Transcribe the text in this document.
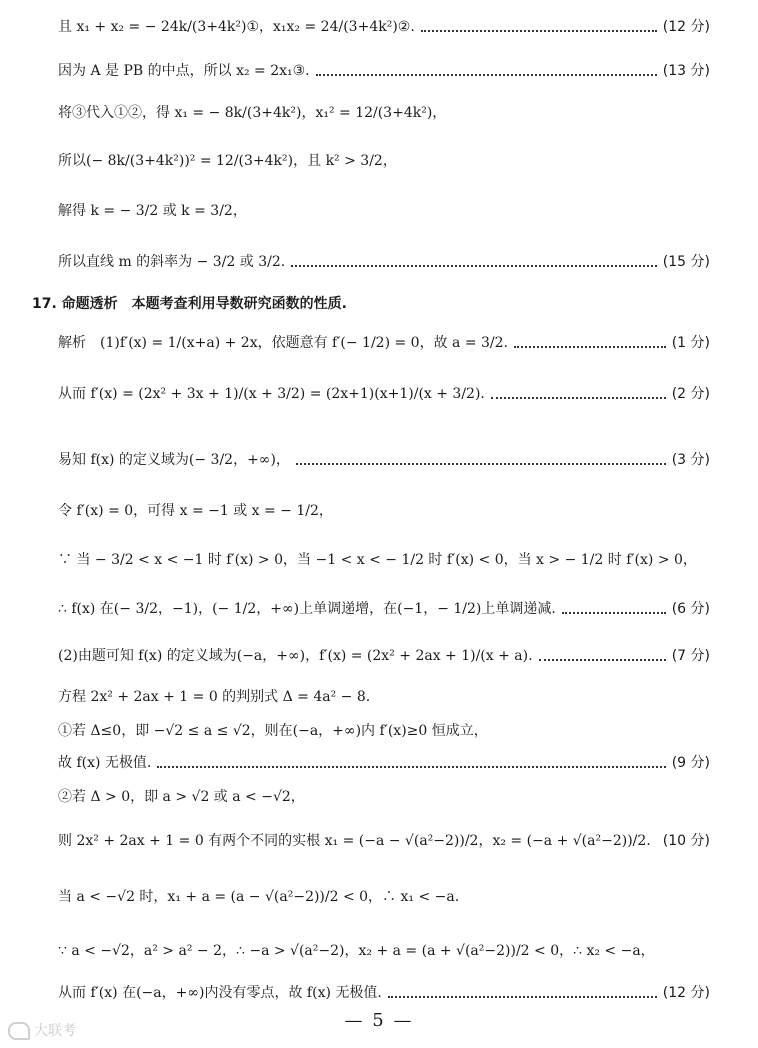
且 x₁ + x₂ = − 24k/(3+4k²)①，x₁x₂ = 24/(3+4k²)②.	(12 分)
因为 A 是 PB 的中点，所以 x₂ = 2x₁③.	(13 分)
将③代入①②，得 x₁ = − 8k/(3+4k²)，x₁² = 12/(3+4k²)，
所以(− 8k/(3+4k²))² = 12/(3+4k²)，且 k² > 3/2，
解得 k = − 3/2 或 k = 3/2，
所以直线 m 的斜率为 − 3/2 或 3/2.	(15 分)
17. 命题透析　本题考查利用导数研究函数的性质.
解析　(1)f′(x) = 1/(x+a) + 2x，依题意有 f′(− 1/2) = 0，故 a = 3/2.	(1 分)
从而 f′(x) = (2x² + 3x + 1)/(x + 3/2) = (2x+1)(x+1)/(x + 3/2).	(2 分)
易知 f(x) 的定义域为(− 3/2，+∞)，	(3 分)
令 f′(x) = 0，可得 x = −1 或 x = − 1/2，
∵ 当 − 3/2 < x < −1 时 f′(x) > 0，当 −1 < x < − 1/2 时 f′(x) < 0，当 x > − 1/2 时 f′(x) > 0，
∴ f(x) 在(− 3/2，−1)，(− 1/2，+∞)上单调递增，在(−1，− 1/2)上单调递减.	(6 分)
(2)由题可知 f(x) 的定义域为(−a，+∞)，f′(x) = (2x² + 2ax + 1)/(x + a).	(7 分)
方程 2x² + 2ax + 1 = 0 的判别式 Δ = 4a² − 8.
①若 Δ≤0，即 −√2 ≤ a ≤ √2，则在(−a，+∞)内 f′(x)≥0 恒成立，
故 f(x) 无极值.	(9 分)
②若 Δ > 0，即 a > √2 或 a < −√2，
则 2x² + 2ax + 1 = 0 有两个不同的实根 x₁ = (−a − √(a²−2))/2，x₂ = (−a + √(a²−2))/2. (10 分)
当 a < −√2 时，x₁ + a = (a − √(a²−2))/2 < 0，∴ x₁ < −a.
∵ a < −√2，a² > a² − 2，∴ −a > √(a²−2)，x₂ + a = (a + √(a²−2))/2 < 0，∴ x₂ < −a，
从而 f′(x) 在(−a，+∞)内没有零点，故 f(x) 无极值.	(12 分)
— 5 —
大联考
